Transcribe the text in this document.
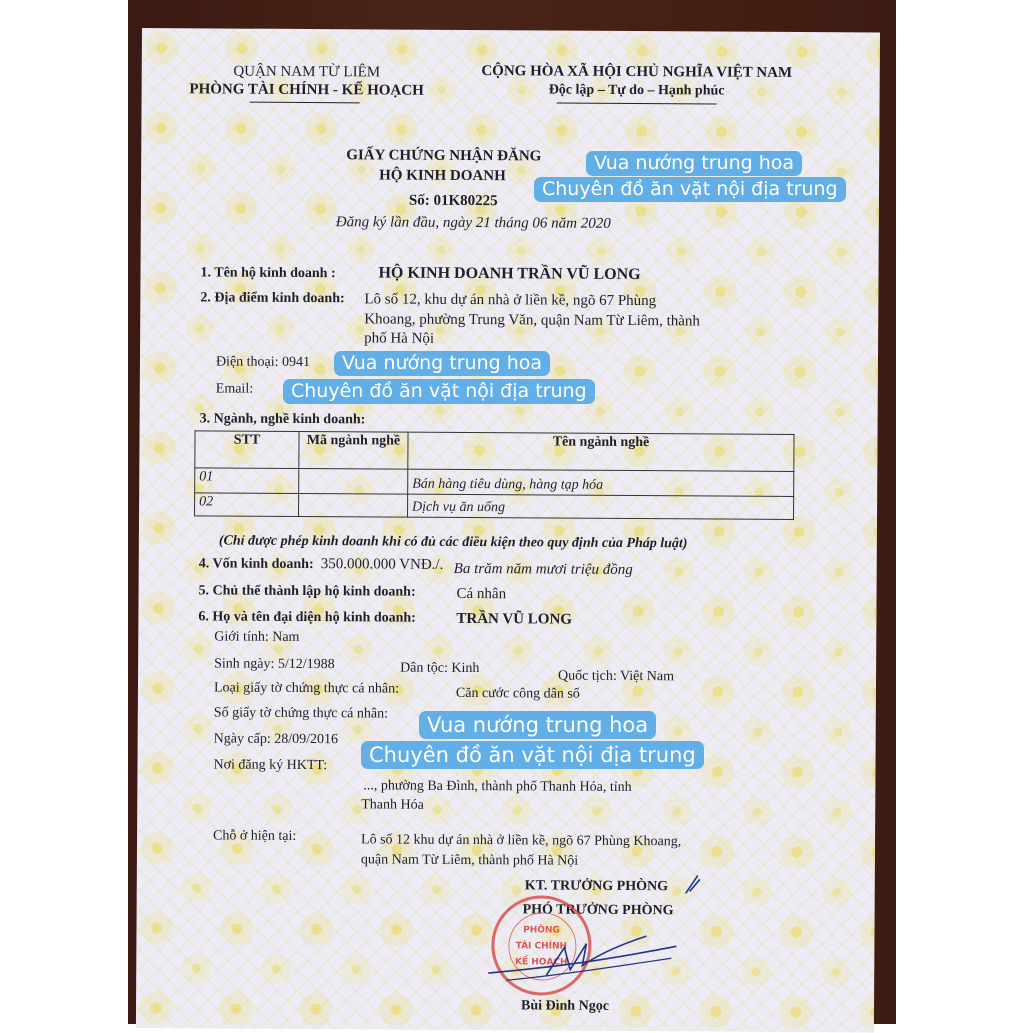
QUẬN NAM TỪ LIÊM
PHÒNG TÀI CHÍNH - KẾ HOẠCH
CỘNG HÒA XÃ HỘI CHỦ NGHĨA VIỆT NAM
Độc lập – Tự do – Hạnh phúc
GIẤY CHỨNG NHẬN ĐĂNG
HỘ KINH DOANH
Số: 01K80225
Đăng ký lần đầu, ngày 21 tháng 06 năm 2020
1. Tên hộ kinh doanh :	HỘ KINH DOANH TRẦN VŨ LONG
2. Địa điểm kinh doanh: Lô số 12, khu dự án nhà ở liền kề, ngõ 67 Phùng
Khoang, phường Trung Văn, quận Nam Từ Liêm, thành
phố Hà Nội
Điện thoại: 0941
Email:
3. Ngành, nghề kinh doanh:
STT	Mã ngành nghề	Tên ngành nghề
01		Bán hàng tiêu dùng, hàng tạp hóa
02		Dịch vụ ăn uống
(Chỉ được phép kinh doanh khi có đủ các điều kiện theo quy định của Pháp luật)
4. Vốn kinh doanh: 350.000.000 VNĐ./. Ba trăm năm mươi triệu đồng
5. Chủ thể thành lập hộ kinh doanh:	Cá nhân
6. Họ và tên đại diện hộ kinh doanh:	TRẦN VŨ LONG
Giới tính: Nam
Sinh ngày: 5/12/1988	Dân tộc: Kinh
Quốc tịch: Việt Nam
Loại giấy tờ chứng thực cá nhân:	Căn cước công dân số
Số giấy tờ chứng thực cá nhân:
Ngày cấp: 28/09/2016
Nơi đăng ký HKTT:
..., phường Ba Đình, thành phố Thanh Hóa, tỉnh
Thanh Hóa
Chỗ ở hiện tại:	Lô số 12 khu dự án nhà ở liền kề, ngõ 67 Phùng Khoang,
quận Nam Từ Liêm, thành phố Hà Nội
KT. TRƯỞNG PHÒNG
PHÓ TRƯỞNG PHÒNG
PHÒNG
TÀI CHÍNH
KẾ HOẠCH
Bùi Đình Ngọc
Vua nướng trung hoa
Chuyên đồ ăn vặt nội địa trung
Vua nướng trung hoa
Chuyên đồ ăn vặt nội địa trung
Vua nướng trung hoa
Chuyên đồ ăn vặt nội địa trung
